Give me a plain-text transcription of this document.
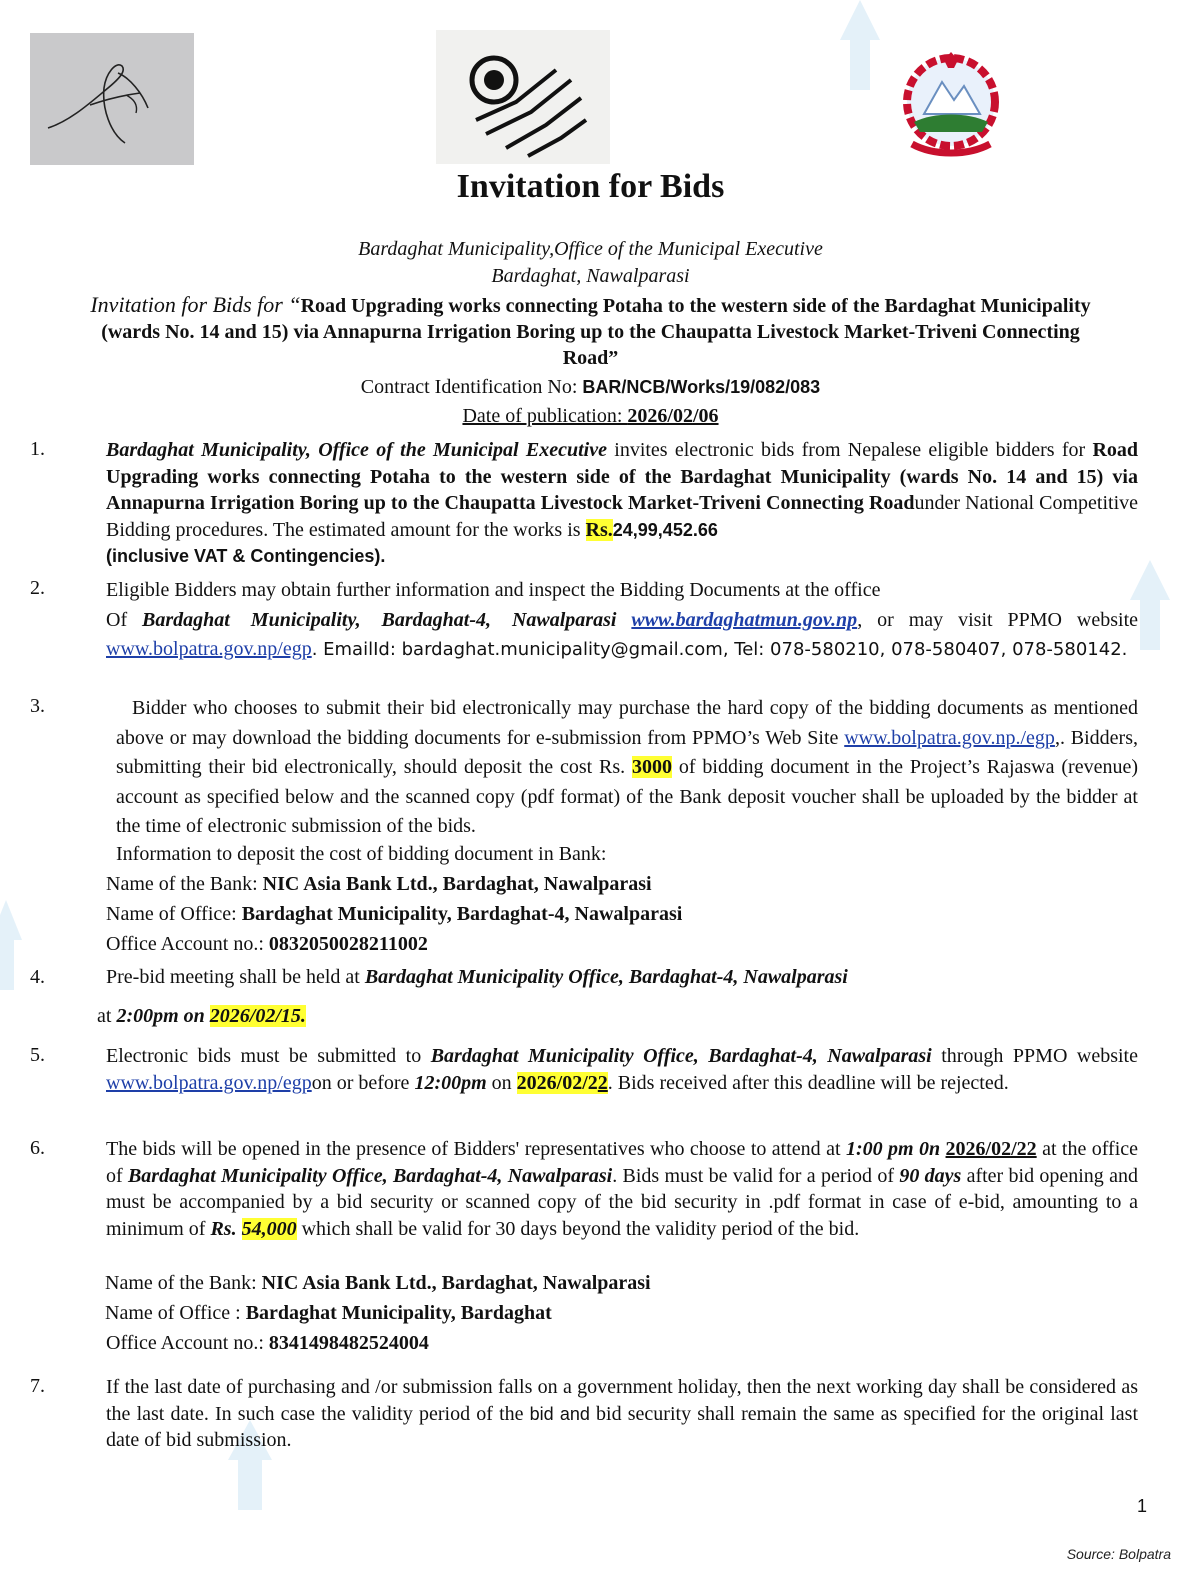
Invitation for Bids
Bardaghat Municipality,Office of the Municipal Executive
Bardaghat, Nawalparasi
Invitation for Bids for “Road Upgrading works connecting Potaha to the western side of the Bardaghat Municipality
(wards No. 14 and 15) via Annapurna Irrigation Boring up to the Chaupatta Livestock Market-Triveni Connecting
Road”
Contract Identification No: BAR/NCB/Works/19/082/083
Date of publication: 2026/02/06
1.	Bardaghat Municipality, Office of the Municipal Executive invites electronic bids from Nepalese eligible bidders for Road Upgrading works connecting Potaha to the western side of the Bardaghat Municipality (wards No. 14 and 15) via Annapurna Irrigation Boring up to the Chaupatta Livestock Market-Triveni Connecting Roadunder National Competitive Bidding procedures. The estimated amount for the works is Rs.24,99,452.66
(inclusive VAT & Contingencies).
2.	Eligible Bidders may obtain further information and inspect the Bidding Documents at the office
Of Bardaghat Municipality, Bardaghat-4, Nawalparasi www.bardaghatmun.gov.np, or may visit PPMO website www.bolpatra.gov.np/egp. EmailId: bardaghat.municipality@gmail.com, Tel: 078-580210, 078-580407, 078-580142.
3.	Bidder who chooses to submit their bid electronically may purchase the hard copy of the bidding documents as mentioned above or may download the bidding documents for e-submission from PPMO’s Web Site www.bolpatra.gov.np./egp,. Bidders, submitting their bid electronically, should deposit the cost Rs. 3000 of bidding document in the Project’s Rajaswa (revenue) account as specified below and the scanned copy (pdf format) of the Bank deposit voucher shall be uploaded by the bidder at the time of electronic submission of the bids.
Information to deposit the cost of bidding document in Bank:
Name of the Bank: NIC Asia Bank Ltd., Bardaghat, Nawalparasi
Name of Office: Bardaghat Municipality, Bardaghat-4, Nawalparasi
Office Account no.: 0832050028211002
4.	Pre-bid meeting shall be held at Bardaghat Municipality Office, Bardaghat-4, Nawalparasi
at 2:00pm on 2026/02/15.
5.	Electronic bids must be submitted to Bardaghat Municipality Office, Bardaghat-4, Nawalparasi through PPMO website www.bolpatra.gov.np/egpon or before 12:00pm on 2026/02/22. Bids received after this deadline will be rejected.
6.	The bids will be opened in the presence of Bidders' representatives who choose to attend at 1:00 pm 0n 2026/02/22 at the office of Bardaghat Municipality Office, Bardaghat-4, Nawalparasi. Bids must be valid for a period of 90 days after bid opening and must be accompanied by a bid security or scanned copy of the bid security in .pdf format in case of e-bid, amounting to a minimum of Rs. 54,000 which shall be valid for 30 days beyond the validity period of the bid.
Name of the Bank: NIC Asia Bank Ltd., Bardaghat, Nawalparasi
Name of Office : Bardaghat Municipality, Bardaghat
Office Account no.: 8341498482524004
7.	If the last date of purchasing and /or submission falls on a government holiday, then the next working day shall be considered as the last date. In such case the validity period of the bid and bid security shall remain the same as specified for the original last date of bid submission.
1
Source: Bolpatra
